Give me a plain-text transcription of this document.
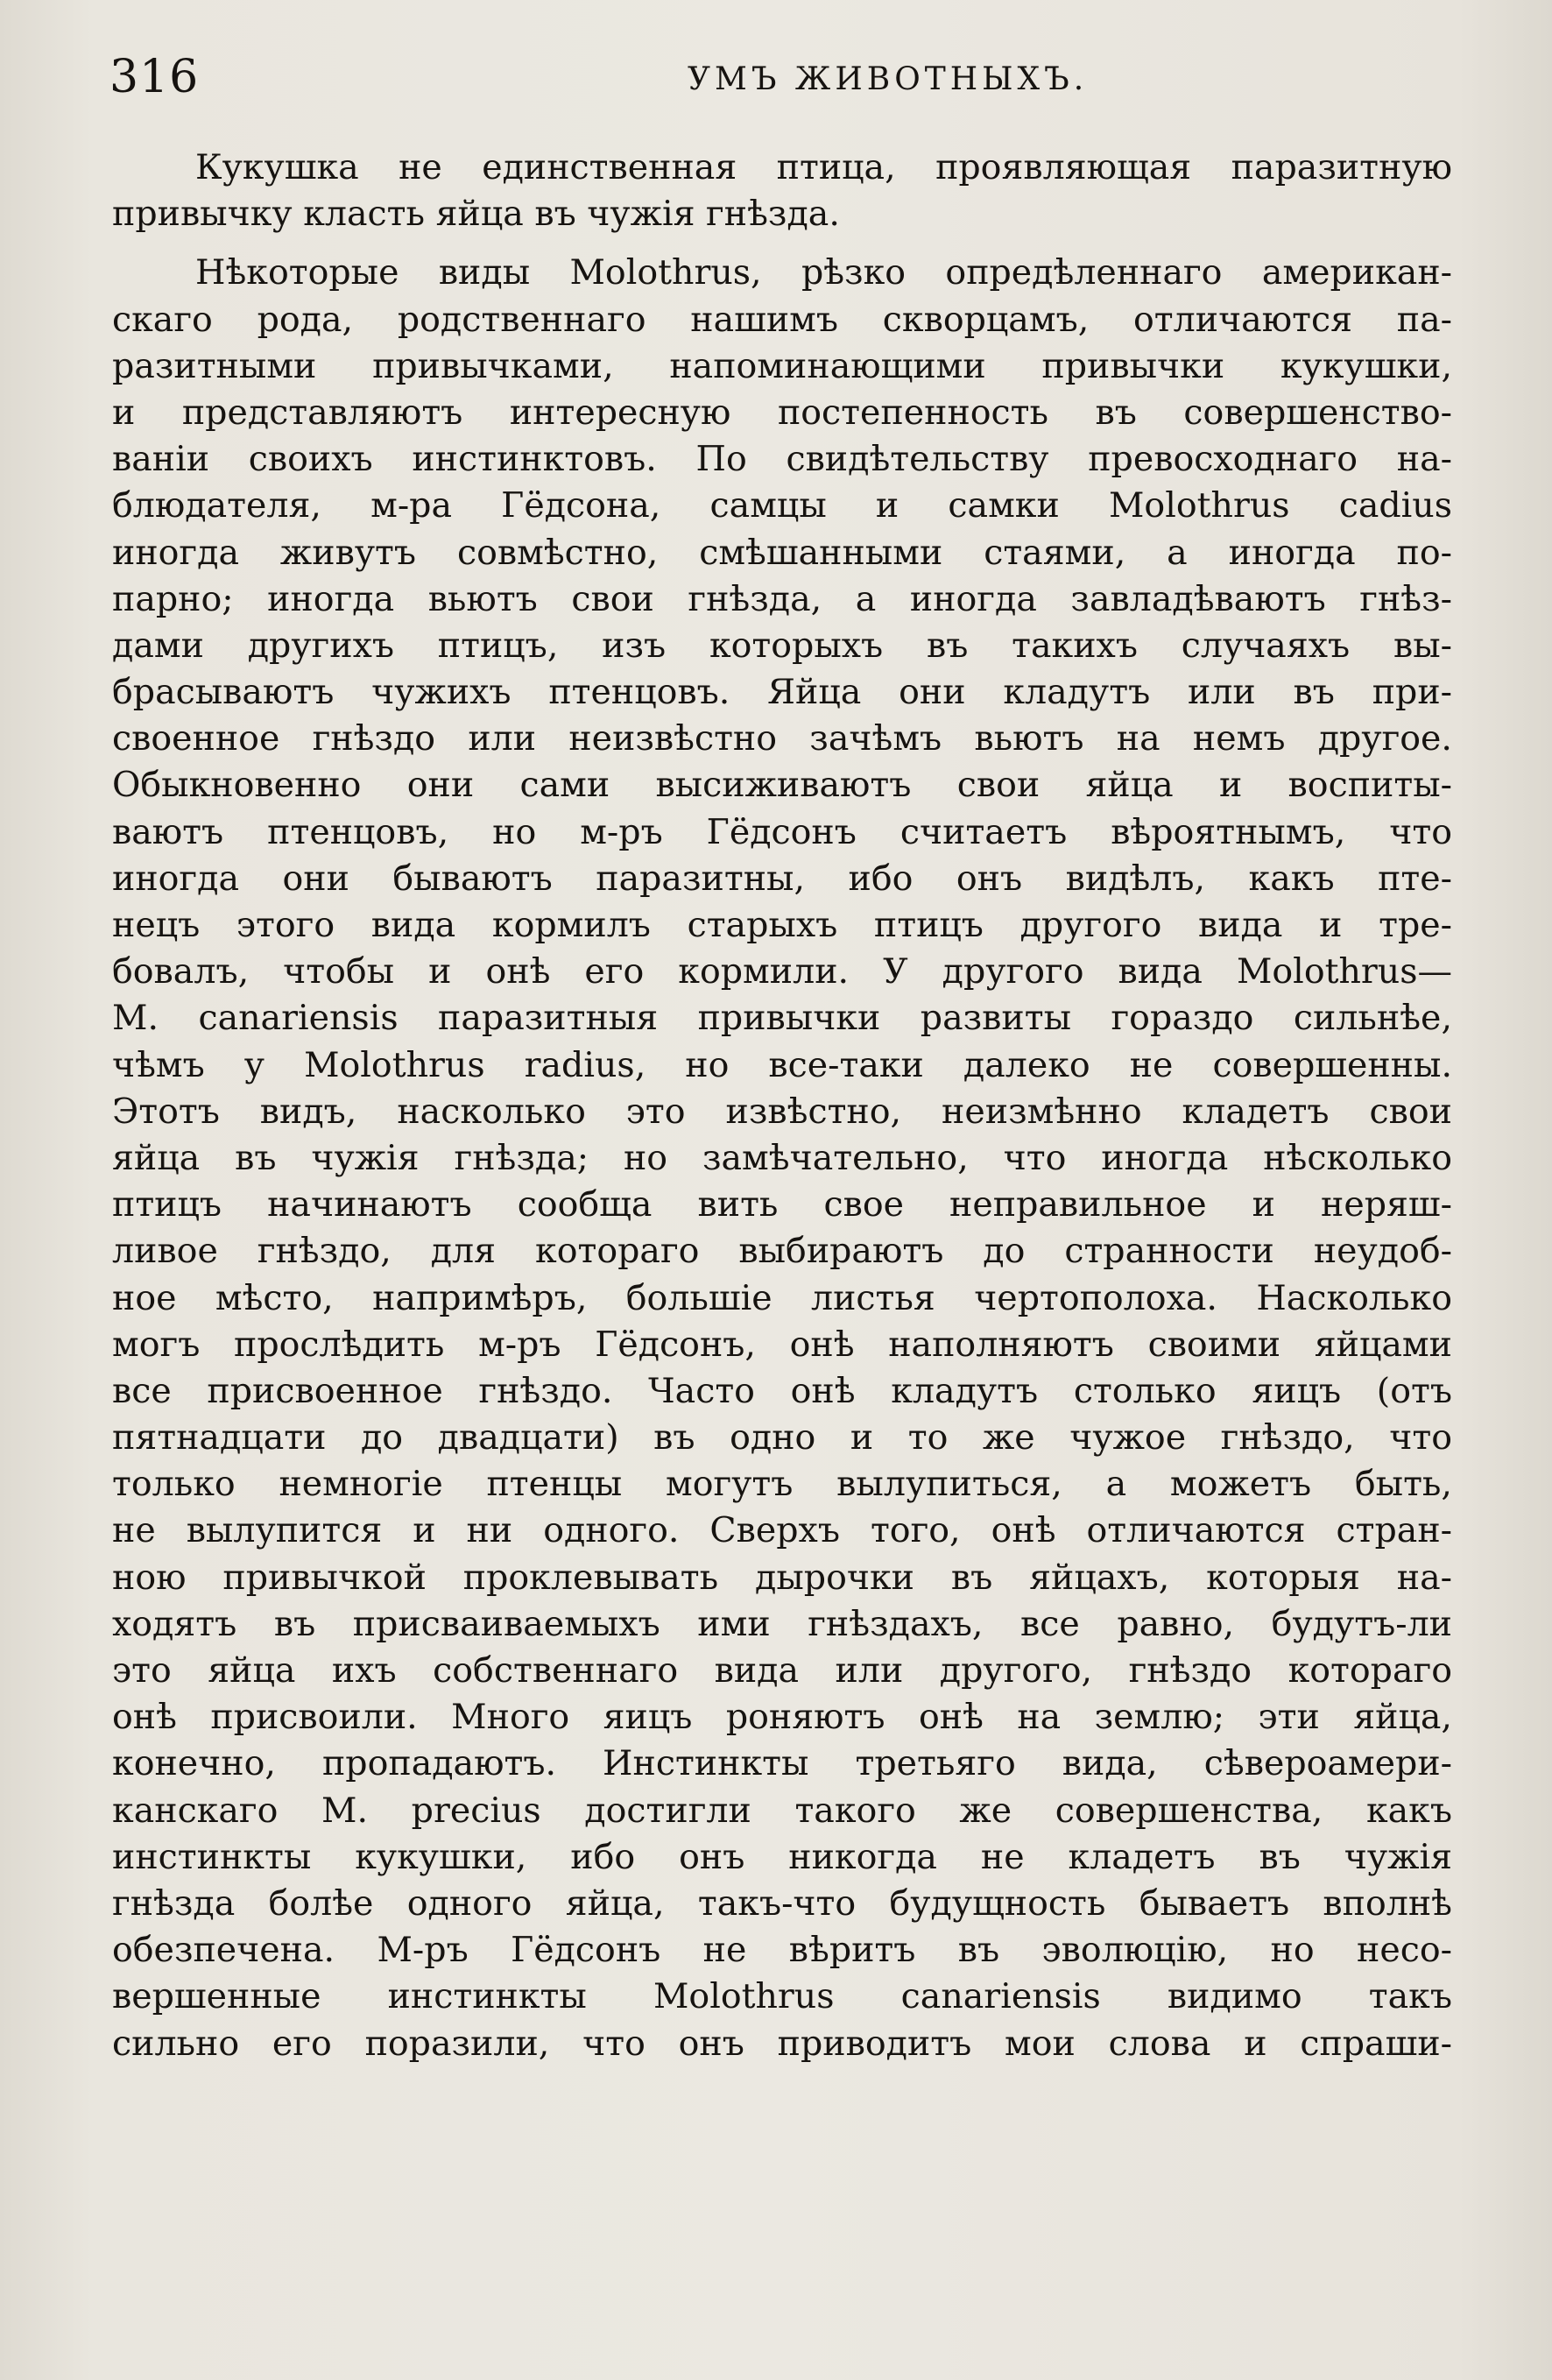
316	УМЪ ЖИВОТНЫХЪ.
Кукушка не единственная птица, проявляющая паразитную
привычку класть яйца въ чужія гнѣзда.
Нѣкоторые виды Molothrus, рѣзко опредѣленнаго американ-
скаго рода, родственнаго нашимъ скворцамъ, отличаются па-
разитными привычками, напоминающими привычки кукушки,
и представляютъ интересную постепенность въ совершенство-
ваніи своихъ инстинктовъ. По свидѣтельству превосходнаго на-
блюдателя, м-ра Гёдсона, самцы и самки Molothrus cadius
иногда живутъ совмѣстно, смѣшанными стаями, а иногда по-
парно; иногда вьютъ свои гнѣзда, а иногда завладѣваютъ гнѣз-
дами другихъ птицъ, изъ которыхъ въ такихъ случаяхъ вы-
брасываютъ чужихъ птенцовъ. Яйца они кладутъ или въ при-
своенное гнѣздо или неизвѣстно зачѣмъ вьютъ на немъ другое.
Обыкновенно они сами высиживаютъ свои яйца и воспиты-
ваютъ птенцовъ, но м-ръ Гёдсонъ считаетъ вѣроятнымъ, что
иногда они бываютъ паразитны, ибо онъ видѣлъ, какъ пте-
нецъ этого вида кормилъ старыхъ птицъ другого вида и тре-
бовалъ, чтобы и онѣ его кормили. У другого вида Molothrus—
M. canariensis паразитныя привычки развиты гораздо сильнѣе,
чѣмъ у Molothrus radius, но все-таки далеко не совершенны.
Этотъ видъ, насколько это извѣстно, неизмѣнно кладетъ свои
яйца въ чужія гнѣзда; но замѣчательно, что иногда нѣсколько
птицъ начинаютъ сообща вить свое неправильное и неряш-
ливое гнѣздо, для котораго выбираютъ до странности неудоб-
ное мѣсто, напримѣръ, большіе листья чертополоха. Насколько
могъ прослѣдить м-ръ Гёдсонъ, онѣ наполняютъ своими яйцами
все присвоенное гнѣздо. Часто онѣ кладутъ столько яицъ (отъ
пятнадцати до двадцати) въ одно и то же чужое гнѣздо, что
только немногіе птенцы могутъ вылупиться, а можетъ быть,
не вылупится и ни одного. Сверхъ того, онѣ отличаются стран-
ною привычкой проклевывать дырочки въ яйцахъ, которыя на-
ходятъ въ присваиваемыхъ ими гнѣздахъ, все равно, будутъ-ли
это яйца ихъ собственнаго вида или другого, гнѣздо котораго
онѣ присвоили. Много яицъ роняютъ онѣ на землю; эти яйца,
конечно, пропадаютъ. Инстинкты третьяго вида, сѣвероамери-
канскаго M. precius достигли такого же совершенства, какъ
инстинкты кукушки, ибо онъ никогда не кладетъ въ чужія
гнѣзда болѣе одного яйца, такъ-что будущность бываетъ вполнѣ
обезпечена. М-ръ Гёдсонъ не вѣритъ въ эволюцію, но несо-
вершенные инстинкты Molothrus canariensis видимо такъ
сильно его поразили, что онъ приводитъ мои слова и спраши-
